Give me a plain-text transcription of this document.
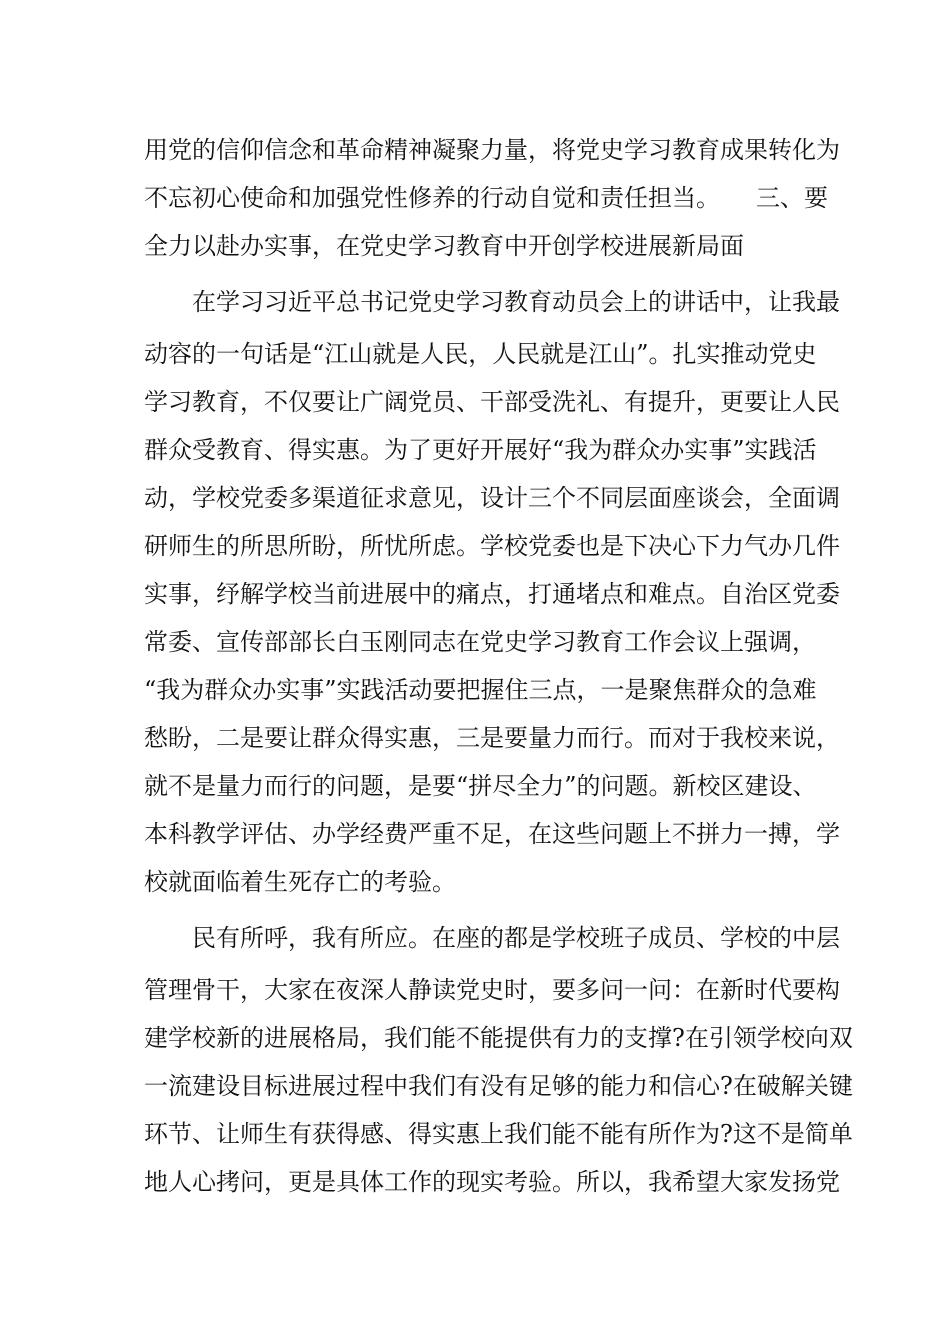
用党的信仰信念和革命精神凝聚力量，将党史学习教育成果转化为
不忘初心使命和加强党性修养的行动自觉和责任担当。　　三、要
全力以赴办实事，在党史学习教育中开创学校进展新局面
在学习习近平总书记党史学习教育动员会上的讲话中，让我最
动容的一句话是“江山就是人民，人民就是江山”。扎实推动党史
学习教育，不仅要让广阔党员、干部受洗礼、有提升，更要让人民
群众受教育、得实惠。为了更好开展好“我为群众办实事”实践活
动，学校党委多渠道征求意见，设计三个不同层面座谈会，全面调
研师生的所思所盼，所忧所虑。学校党委也是下决心下力气办几件
实事，纾解学校当前进展中的痛点，打通堵点和难点。自治区党委
常委、宣传部部长白玉刚同志在党史学习教育工作会议上强调，
“我为群众办实事”实践活动要把握住三点，一是聚焦群众的急难
愁盼，二是要让群众得实惠，三是要量力而行。而对于我校来说，
就不是量力而行的问题，是要“拼尽全力”的问题。新校区建设、
本科教学评估、办学经费严重不足，在这些问题上不拼力一搏，学
校就面临着生死存亡的考验。
民有所呼，我有所应。在座的都是学校班子成员、学校的中层
管理骨干，大家在夜深人静读党史时，要多问一问：在新时代要构
建学校新的进展格局，我们能不能提供有力的支撑?在引领学校向双
一流建设目标进展过程中我们有没有足够的能力和信心?在破解关键
环节、让师生有获得感、得实惠上我们能不能有所作为?这不是简单
地人心拷问，更是具体工作的现实考验。所以，我希望大家发扬党
